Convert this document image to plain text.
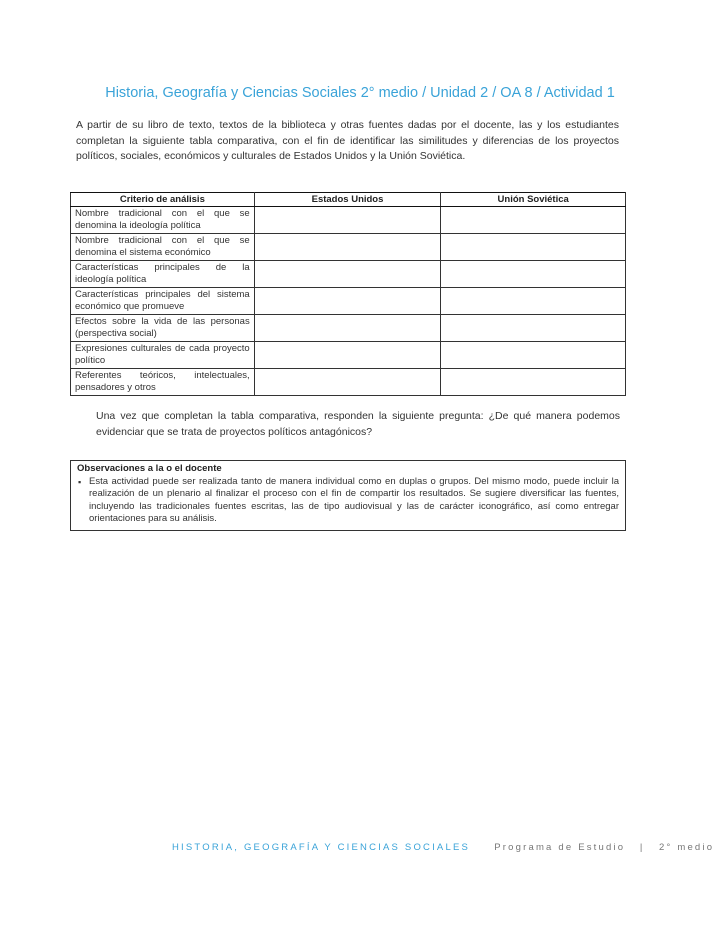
Historia, Geografía y Ciencias Sociales 2° medio / Unidad 2 / OA 8 / Actividad 1

A partir de su libro de texto, textos de la biblioteca y otras fuentes dadas por el docente, las y los estudiantes completan la siguiente tabla comparativa, con el fin de identificar las similitudes y diferencias de los proyectos políticos, sociales, económicos y culturales de Estados Unidos y la Unión Soviética.

Criterio de análisis	Estados Unidos	Unión Soviética
Nombre tradicional con el que se denomina la ideología política		
Nombre tradicional con el que se denomina el sistema económico		
Características principales de la ideología política		
Características principales del sistema económico que promueve		
Efectos sobre la vida de las personas (perspectiva social)		
Expresiones culturales de cada proyecto político		
Referentes teóricos, intelectuales, pensadores y otros		

Una vez que completan la tabla comparativa, responden la siguiente pregunta: ¿De qué manera podemos evidenciar que se trata de proyectos políticos antagónicos?

Observaciones a la o el docente
▪ Esta actividad puede ser realizada tanto de manera individual como en duplas o grupos. Del mismo modo, puede incluir la realización de un plenario al finalizar el proceso con el fin de compartir los resultados. Se sugiere diversificar las fuentes, incluyendo las tradicionales fuentes escritas, las de tipo audiovisual y las de carácter iconográfico, así como entregar orientaciones para su análisis.
HISTORIA, GEOGRAFÍA Y CIENCIAS SOCIALES	Programa de Estudio | 2° medio
